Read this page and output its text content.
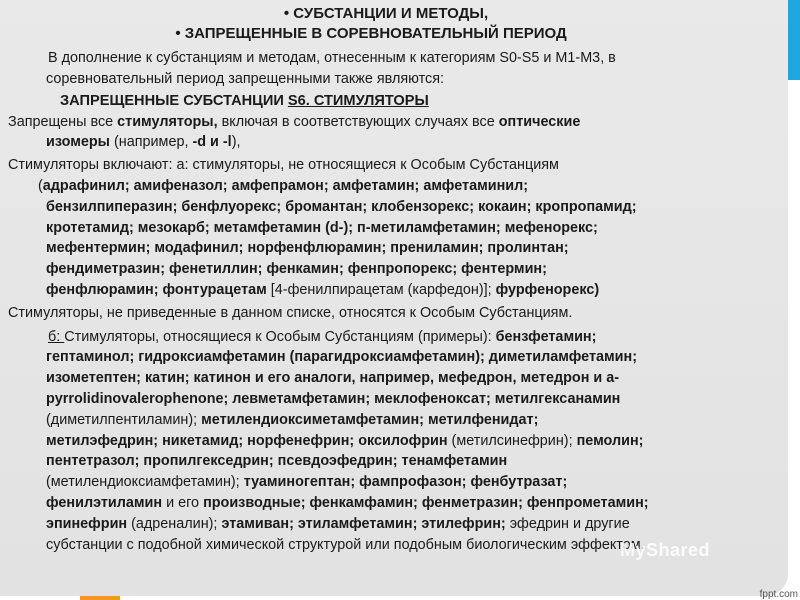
• СУБСТАНЦИИ И МЕТОДЫ,
• ЗАПРЕЩЕННЫЕ В СОРЕВНОВАТЕЛЬНЫЙ ПЕРИОД

В дополнение к субстанциям и методам, отнесенным к категориям S0-S5 и М1-М3, в

соревновательный период запрещенными также являются:

ЗАПРЕЩЕННЫЕ СУБСТАНЦИИ S6. СТИМУЛЯТОРЫ

Запрещены все стимуляторы, включая в соответствующих случаях все оптические

изомеры (например, -d и -l),

Стимуляторы включают: а: стимуляторы, не относящиеся к Особым Субстанциям

(адрафинил; амифеназол; амфепрамон; амфетамин; амфетаминил;

бензилпиперазин; бенфлуорекс; бромантан; клобензорекс; кокаин; кропропамид;

кротетамид; мезокарб; метамфетамин (d-); п-метиламфетамин; мефенорекс;

мефентермин; модафинил; норфенфлюрамин; прениламин; пролинтан;

фендиметразин; фенетиллин; фенкамин; фенпропорекс; фентермин;

фенфлюрамин; фонтурацетам [4-фенилпирацетам (карфедон)]; фурфенорекс)

Стимуляторы, не приведенные в данном списке, относятся к Особым Субстанциям.

б: Стимуляторы, относящиеся к Особым Субстанциям (примеры): бензфетамин;

гептаминол; гидроксиамфетамин (парагидроксиамфетамин); диметиламфетамин;

изометептен; катин; катинон и его аналоги, например, мефедрон, метедрон и a-

pyrrolidinovalerophenone; левметамфетамин; меклофеноксат; метилгексанамин

(диметилпентиламин); метилендиоксиметамфетамин; метилфенидат;

метилэфедрин; никетамид; норфенефрин; оксилофрин (метилсинефрин); пемолин;

пентетразол; пропилгекседрин; псевдоэфедрин; тенамфетамин

(метилендиоксиамфетамин); туаминогептан; фампрофазон; фенбутразат;

фенилэтиламин и его производные; фенкамфамин; фенметразин; фенпрометамин;

эпинефрин (адреналин); этамиван; этиламфетамин; этилефрин; эфедрин и другие

субстанции с подобной химической структурой или подобным биологическим эффектом.

MyShared
fppt.com
